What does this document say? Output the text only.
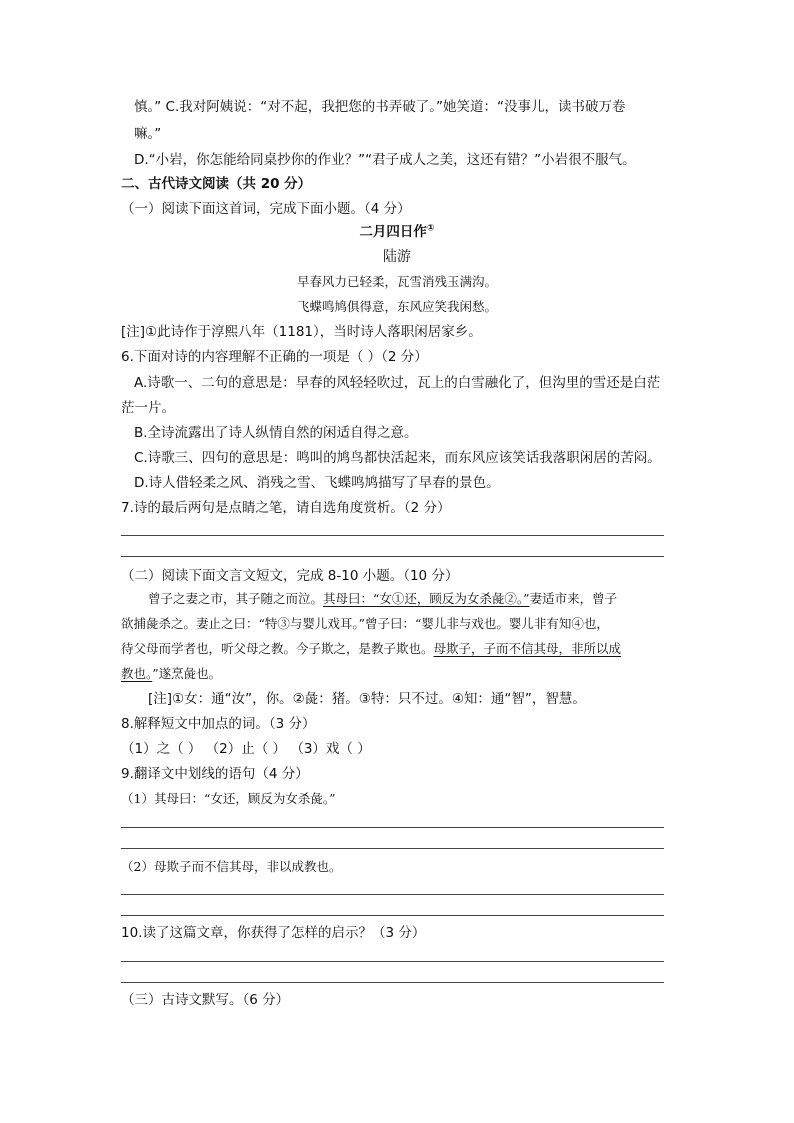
慎。” C.我对阿姨说：“对不起，我把您的书弄破了。”她笑道：“没事儿，读书破万卷
嘛。”
D.“小岩，你怎能给同桌抄你的作业？”“君子成人之美，这还有错？”小岩很不服气。
二、古代诗文阅读（共 20 分）
（一）阅读下面这首词，完成下面小题。（4 分）
二月四日作①
陆游
早春风力已轻柔，瓦雪消残玉满沟。
飞蝶鸣鸠俱得意，东风应笑我闲愁。
[注]①此诗作于淳熙八年（1181），当时诗人落职闲居家乡。
6.下面对诗的内容理解不正确的一项是（ ）（2 分）
A.诗歌一、二句的意思是：早春的风轻轻吹过，瓦上的白雪融化了，但沟里的雪还是白茫
茫一片。
B.全诗流露出了诗人纵情自然的闲适自得之意。
C.诗歌三、四句的意思是：鸣叫的鸠鸟都快活起来，而东风应该笑话我落职闲居的苦闷。
D.诗人借轻柔之风、消残之雪、飞蝶鸣鸠描写了早春的景色。
7.诗的最后两句是点睛之笔，请自选角度赏析。（2 分）
（二）阅读下面文言文短文，完成 8-10 小题。（10 分）
曾子之妻之市，其子随之而泣。其母曰：“女①还，顾反为女杀彘②。”妻适市来，曾子
欲捕彘杀之。妻止之曰：“特③与婴儿戏耳。”曾子曰：“婴儿非与戏也。婴儿非有知④也，
待父母而学者也，听父母之教。今子欺之，是教子欺也。母欺子，子而不信其母，非所以成
教也。”遂烹彘也。
[注]①女：通“汝”，你。②彘：猪。③特：只不过。④知：通“智”，智慧。
8.解释短文中加点的词。（3 分）
（1）之（ ） （2）止（ ） （3）戏（ ）
9.翻译文中划线的语句（4 分）
（1）其母曰：“女还，顾反为女杀彘。”
（2）母欺子而不信其母，非以成教也。
10.读了这篇文章，你获得了怎样的启示？（3 分）
（三）古诗文默写。（6 分）
